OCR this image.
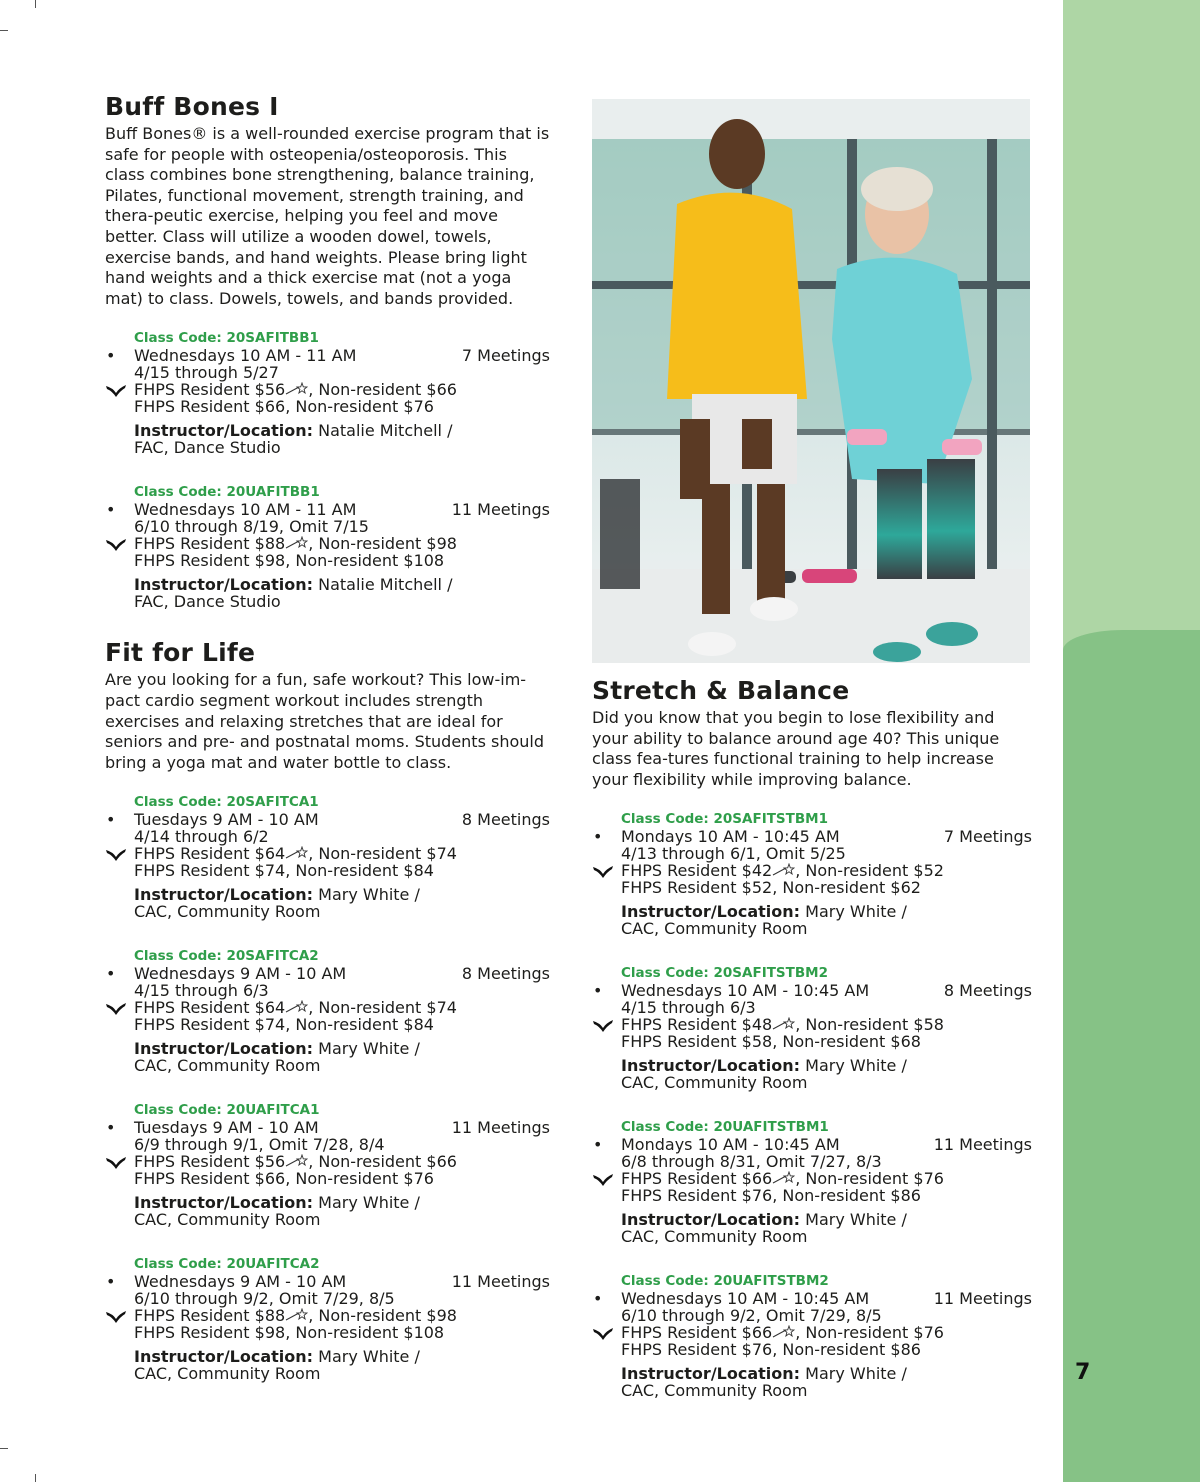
7
Buff Bones I

Buff Bones® is a well-rounded exercise program that is safe for people with osteopenia/osteoporosis. This class combines bone strengthening, balance training, Pilates, functional movement, strength training, and thera-peutic exercise, helping you feel and move better. Class will utilize a wooden dowel, towels, exercise bands, and hand weights. Please bring light hand weights and a thick exercise mat (not a yoga mat) to class. Dowels, towels, and bands provided.

Class Code: 20SAFITBB1
• Wednesdays 10 AM - 11 AM	7 Meetings
4/15 through 5/27
FHPS Resident $56 , Non-resident $66
FHPS Resident $66, Non-resident $76
Instructor/Location: Natalie Mitchell /
FAC, Dance Studio
Class Code: 20UAFITBB1
• Wednesdays 10 AM - 11 AM	11 Meetings
6/10 through 8/19, Omit 7/15
FHPS Resident $88 , Non-resident $98
FHPS Resident $98, Non-resident $108
Instructor/Location: Natalie Mitchell /
FAC, Dance Studio
Fit for Life

Are you looking for a fun, safe workout? This low-im-pact cardio segment workout includes strength exercises and relaxing stretches that are ideal for seniors and pre- and postnatal moms. Students should bring a yoga mat and water bottle to class.

Class Code: 20SAFITCA1
• Tuesdays 9 AM - 10 AM	8 Meetings
4/14 through 6/2
FHPS Resident $64 , Non-resident $74
FHPS Resident $74, Non-resident $84
Instructor/Location: Mary White /
CAC, Community Room
Class Code: 20SAFITCA2
• Wednesdays 9 AM - 10 AM	8 Meetings
4/15 through 6/3
FHPS Resident $64 , Non-resident $74
FHPS Resident $74, Non-resident $84
Instructor/Location: Mary White /
CAC, Community Room
Class Code: 20UAFITCA1
• Tuesdays 9 AM - 10 AM	11 Meetings
6/9 through 9/1, Omit 7/28, 8/4
FHPS Resident $56 , Non-resident $66
FHPS Resident $66, Non-resident $76
Instructor/Location: Mary White /
CAC, Community Room
Class Code: 20UAFITCA2
• Wednesdays 9 AM - 10 AM	11 Meetings
6/10 through 9/2, Omit 7/29, 8/5
FHPS Resident $88 , Non-resident $98
FHPS Resident $98, Non-resident $108
Instructor/Location: Mary White /
CAC, Community Room
Stretch & Balance

Did you know that you begin to lose flexibility and your ability to balance around age 40? This unique class fea-tures functional training to help increase your flexibility while improving balance.

Class Code: 20SAFITSTBM1
• Mondays 10 AM - 10:45 AM	7 Meetings
4/13 through 6/1, Omit 5/25
FHPS Resident $42 , Non-resident $52
FHPS Resident $52, Non-resident $62
Instructor/Location: Mary White /
CAC, Community Room
Class Code: 20SAFITSTBM2
• Wednesdays 10 AM - 10:45 AM	8 Meetings
4/15 through 6/3
FHPS Resident $48 , Non-resident $58
FHPS Resident $58, Non-resident $68
Instructor/Location: Mary White /
CAC, Community Room
Class Code: 20UAFITSTBM1
• Mondays 10 AM - 10:45 AM	11 Meetings
6/8 through 8/31, Omit 7/27, 8/3
FHPS Resident $66 , Non-resident $76
FHPS Resident $76, Non-resident $86
Instructor/Location: Mary White /
CAC, Community Room
Class Code: 20UAFITSTBM2
• Wednesdays 10 AM - 10:45 AM	11 Meetings
6/10 through 9/2, Omit 7/29, 8/5
FHPS Resident $66 , Non-resident $76
FHPS Resident $76, Non-resident $86
Instructor/Location: Mary White /
CAC, Community Room
